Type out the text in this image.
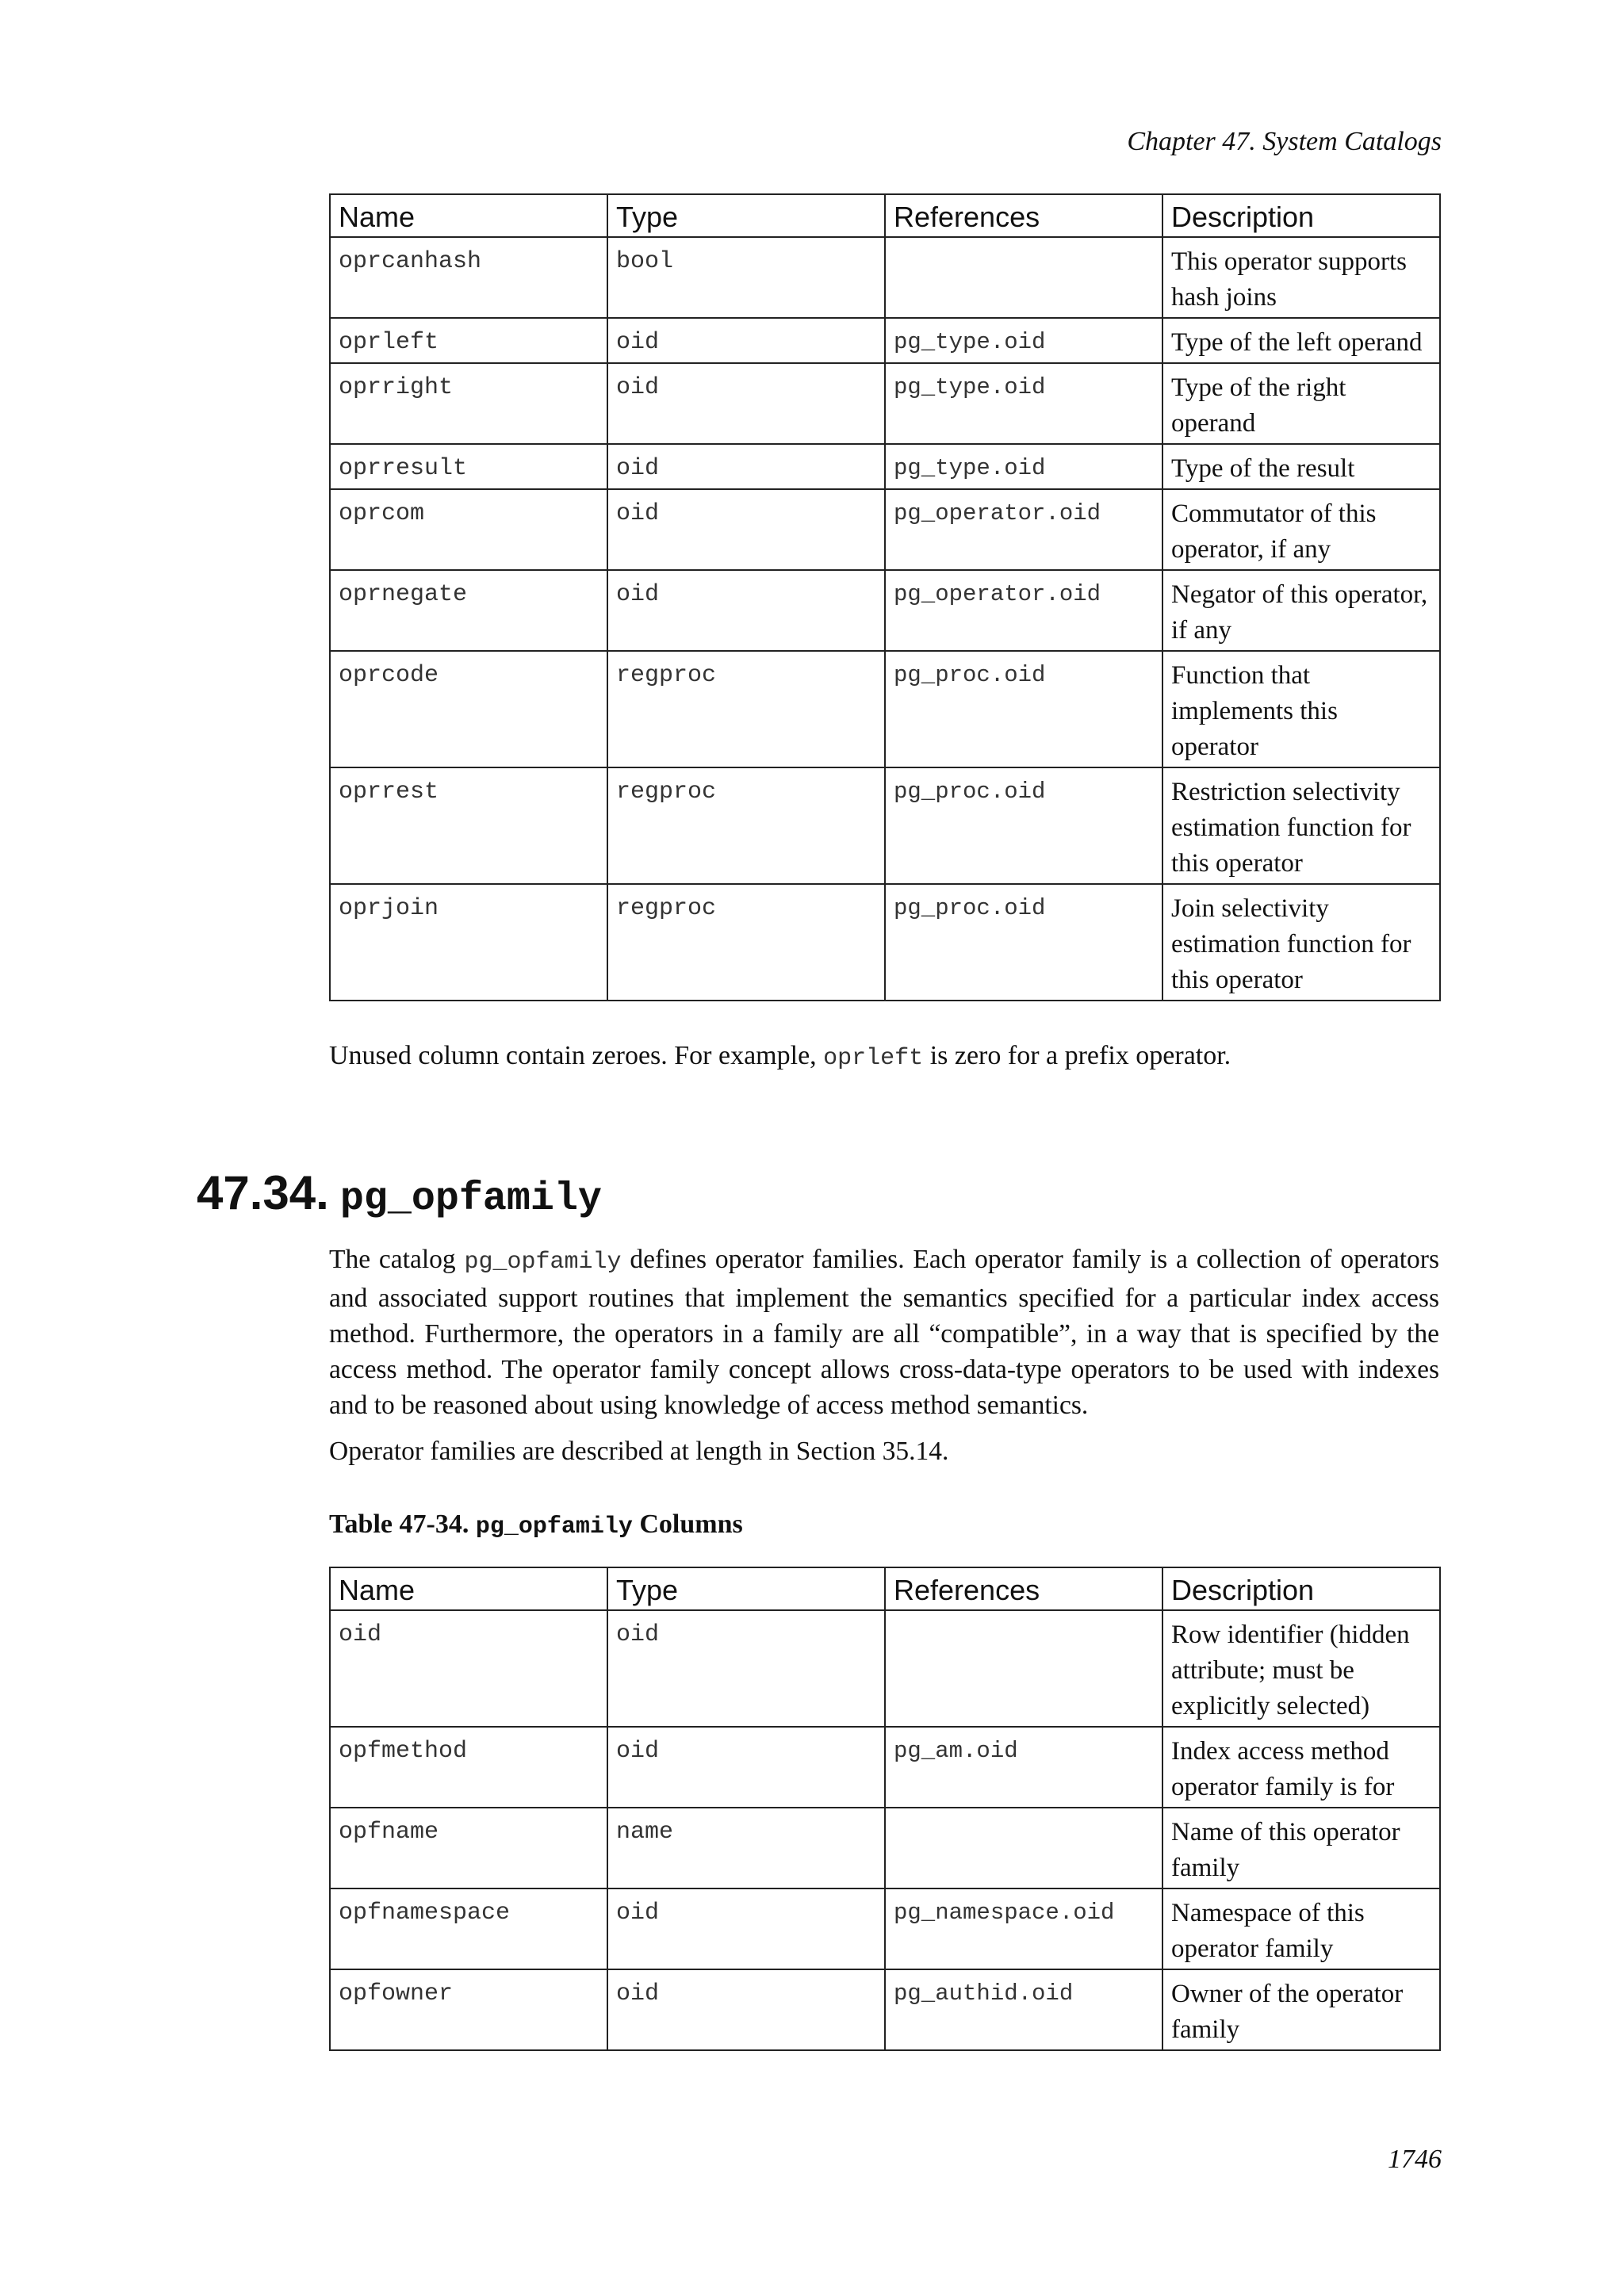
Chapter 47. System Catalogs
Name	Type	References	Description
oprcanhash	bool		This operator supports hash joins
oprleft	oid	pg_type.oid	Type of the left operand
oprright	oid	pg_type.oid	Type of the right operand
oprresult	oid	pg_type.oid	Type of the result
oprcom	oid	pg_operator.oid	Commutator of this operator, if any
oprnegate	oid	pg_operator.oid	Negator of this operator, if any
oprcode	regproc	pg_proc.oid	Function that implements this operator
oprrest	regproc	pg_proc.oid	Restriction selectivity estimation function for this operator
oprjoin	regproc	pg_proc.oid	Join selectivity estimation function for this operator

Unused column contain zeroes. For example, oprleft is zero for a prefix operator.

47.34. pg_opfamily

The catalog pg_opfamily defines operator families. Each operator family is a collection of operators and associated support routines that implement the semantics specified for a particular index access method. Furthermore, the operators in a family are all “compatible”, in a way that is specified by the access method. The operator family concept allows cross-data-type operators to be used with indexes and to be reasoned about using knowledge of access method semantics.

Operator families are described at length in Section 35.14.

Table 47-34. pg_opfamily Columns

Name	Type	References	Description
oid	oid		Row identifier (hidden attribute; must be explicitly selected)
opfmethod	oid	pg_am.oid	Index access method operator family is for
opfname	name		Name of this operator family
opfnamespace	oid	pg_namespace.oid	Namespace of this operator family
opfowner	oid	pg_authid.oid	Owner of the operator family
1746
